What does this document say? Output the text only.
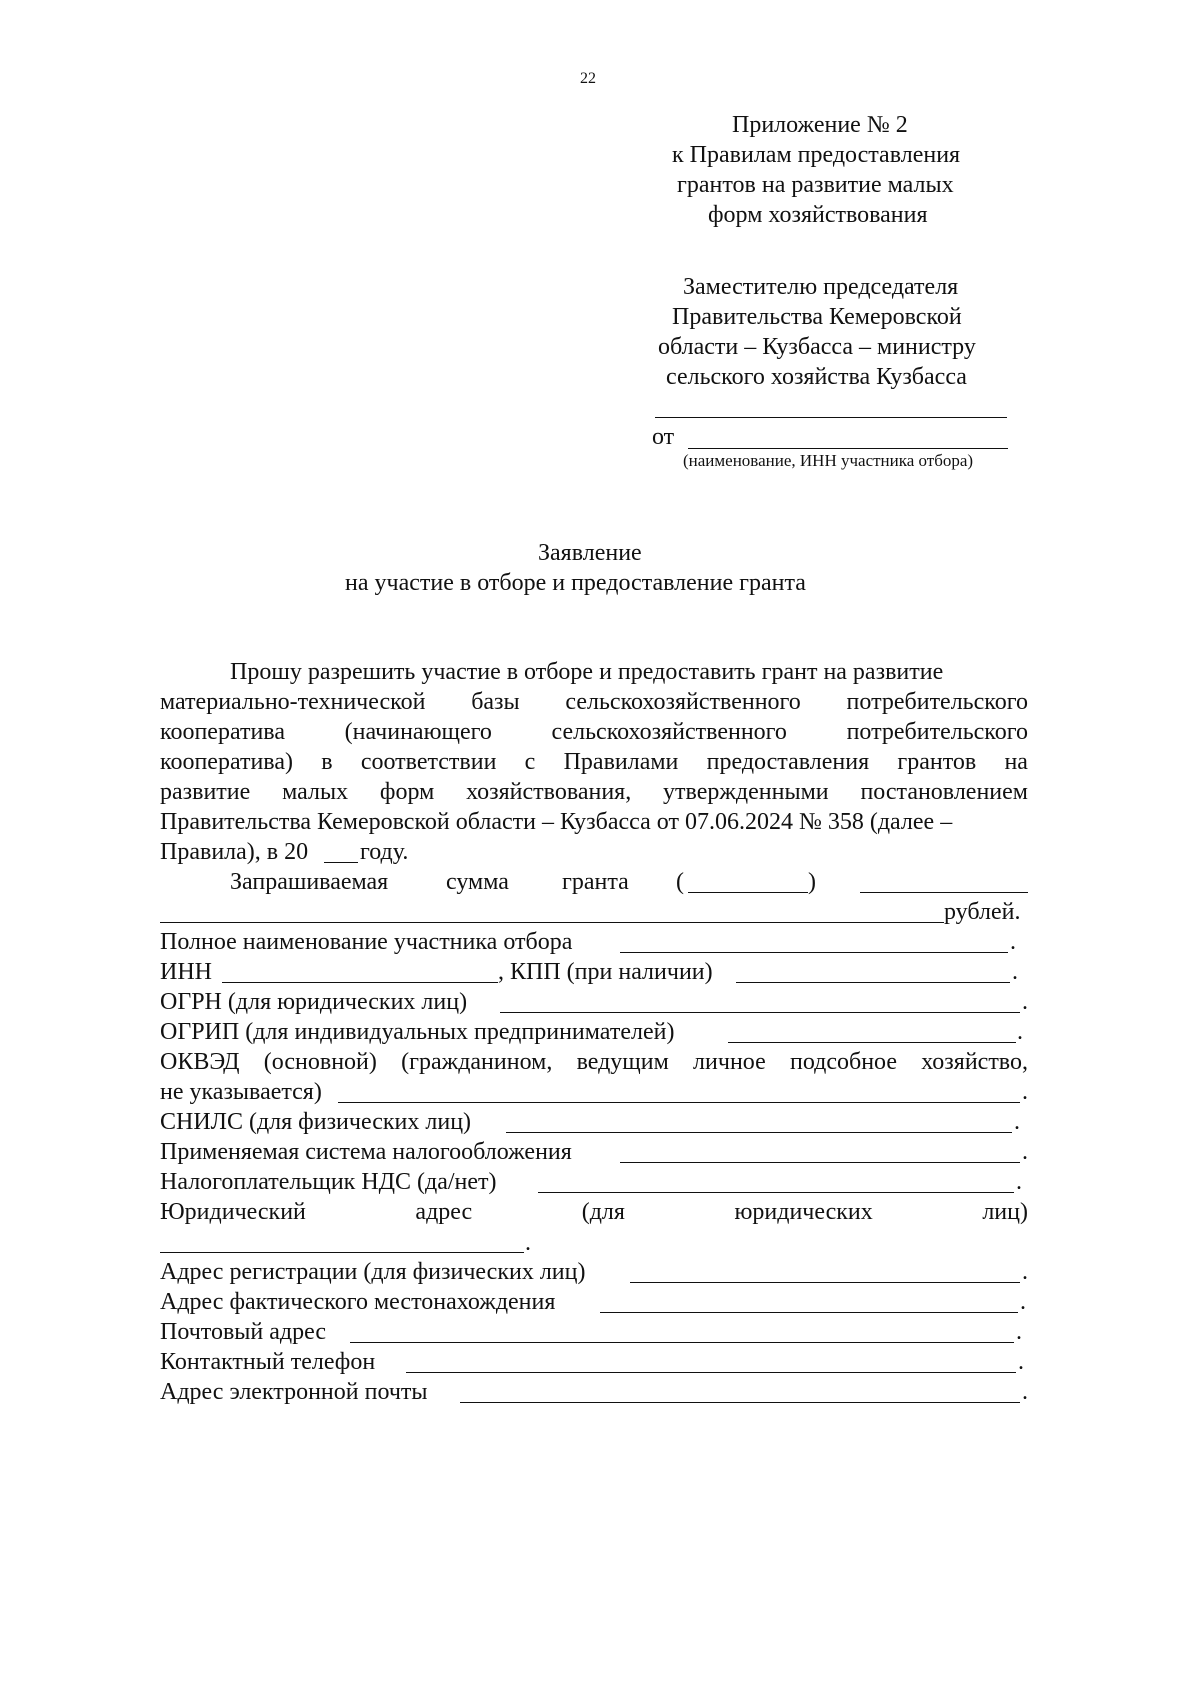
22
Приложение № 2
к Правилам предоставления
грантов на развитие малых
форм хозяйствования
Заместителю председателя
Правительства Кемеровской
области – Кузбасса – министру
сельского хозяйства Кузбасса
от
(наименование, ИНН участника отбора)
Заявление
на участие в отборе и предоставление гранта
Прошу разрешить участие в отборе и предоставить грант на развитие
материально-технической базы сельскохозяйственного потребительского
кооператива (начинающего сельскохозяйственного потребительского
кооператива) в соответствии с Правилами предоставления грантов на
развитие малых форм хозяйствования, утвержденными постановлением
Правительства Кемеровской области – Кузбасса от 07.06.2024 № 358 (далее –
Правила), в 20 году.
Запрашиваемая сумма гранта (	)
рублей.
Полное наименование участника отбора	.
ИНН	, КПП (при наличии)	.
ОГРН (для юридических лиц)	.
ОГРИП (для индивидуальных предпринимателей)	.
ОКВЭД (основной) (гражданином, ведущим личное подсобное хозяйство,
не указывается)	.
СНИЛС (для физических лиц)	.
Применяемая система налогообложения	.
Налогоплательщик НДС (да/нет)	.
Юридический	адрес	(для	юридических	лиц)
.
Адрес регистрации (для физических лиц)	.
Адрес фактического местонахождения	.
Почтовый адрес	.
Контактный телефон	.
Адрес электронной почты	.
